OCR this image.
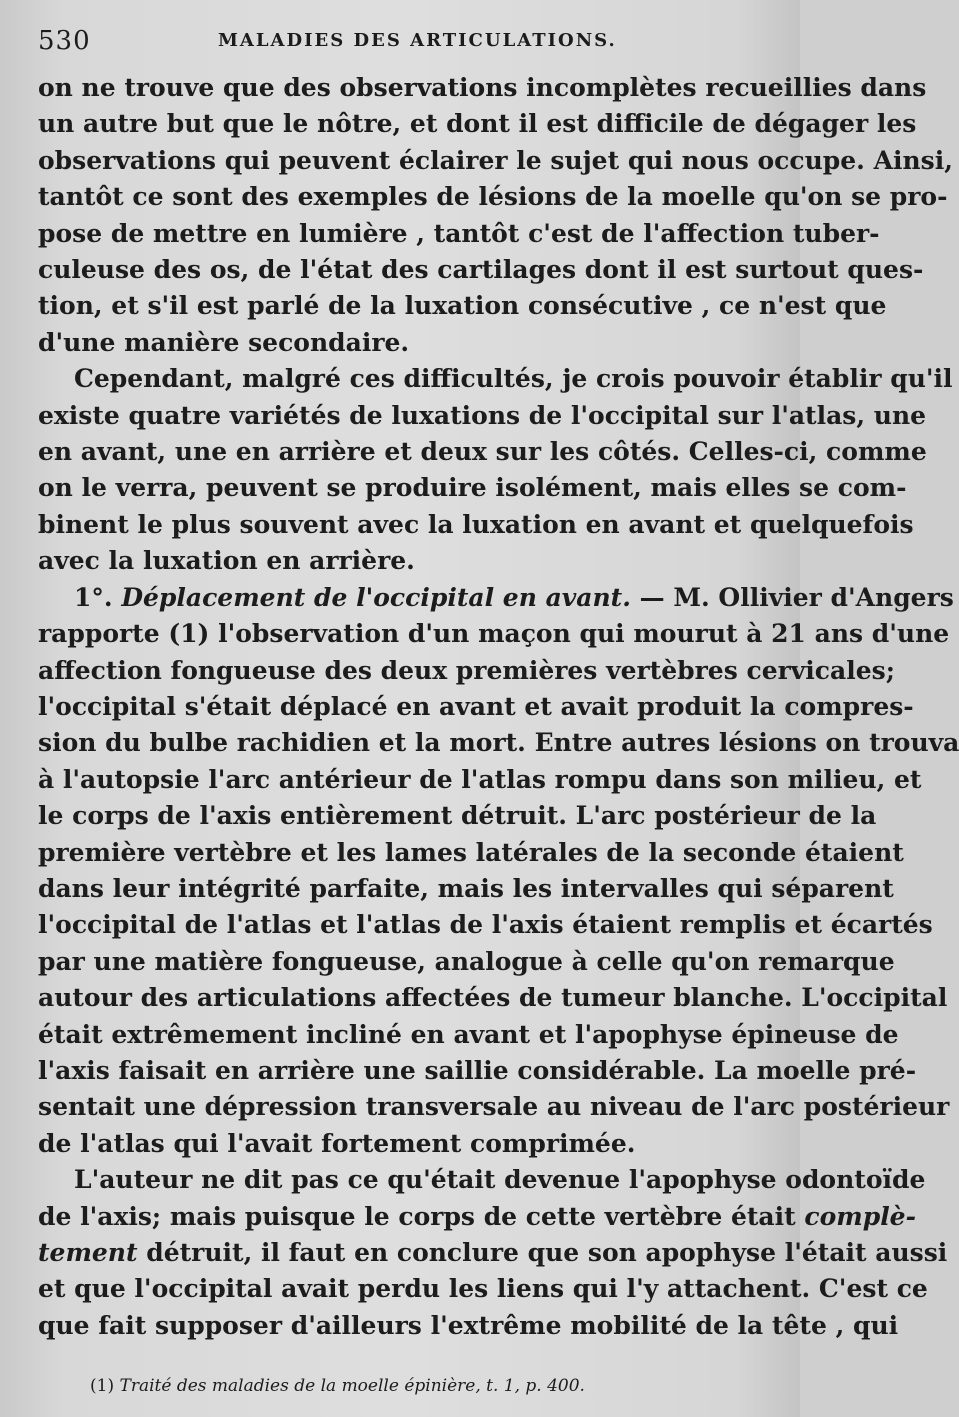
530	MALADIES DES ARTICULATIONS.
on ne trouve que des observations incomplètes recueillies dans
un autre but que le nôtre, et dont il est difficile de dégager les
observations qui peuvent éclairer le sujet qui nous occupe. Ainsi,
tantôt ce sont des exemples de lésions de la moelle qu'on se pro-
pose de mettre en lumière , tantôt c'est de l'affection tuber-
culeuse des os, de l'état des cartilages dont il est surtout ques-
tion, et s'il est parlé de la luxation consécutive , ce n'est que
d'une manière secondaire.
Cependant, malgré ces difficultés, je crois pouvoir établir qu'il
existe quatre variétés de luxations de l'occipital sur l'atlas, une
en avant, une en arrière et deux sur les côtés. Celles-ci, comme
on le verra, peuvent se produire isolément, mais elles se com-
binent le plus souvent avec la luxation en avant et quelquefois
avec la luxation en arrière.
1°. Déplacement de l'occipital en avant. — M. Ollivier d'Angers
rapporte (1) l'observation d'un maçon qui mourut à 21 ans d'une
affection fongueuse des deux premières vertèbres cervicales;
l'occipital s'était déplacé en avant et avait produit la compres-
sion du bulbe rachidien et la mort. Entre autres lésions on trouva
à l'autopsie l'arc antérieur de l'atlas rompu dans son milieu, et
le corps de l'axis entièrement détruit. L'arc postérieur de la
première vertèbre et les lames latérales de la seconde étaient
dans leur intégrité parfaite, mais les intervalles qui séparent
l'occipital de l'atlas et l'atlas de l'axis étaient remplis et écartés
par une matière fongueuse, analogue à celle qu'on remarque
autour des articulations affectées de tumeur blanche. L'occipital
était extrêmement incliné en avant et l'apophyse épineuse de
l'axis faisait en arrière une saillie considérable. La moelle pré-
sentait une dépression transversale au niveau de l'arc postérieur
de l'atlas qui l'avait fortement comprimée.
L'auteur ne dit pas ce qu'était devenue l'apophyse odontoïde
de l'axis; mais puisque le corps de cette vertèbre était complè-
tement détruit, il faut en conclure que son apophyse l'était aussi
et que l'occipital avait perdu les liens qui l'y attachent. C'est ce
que fait supposer d'ailleurs l'extrême mobilité de la tête , qui
(1) Traité des maladies de la moelle épinière, t. 1, p. 400.
